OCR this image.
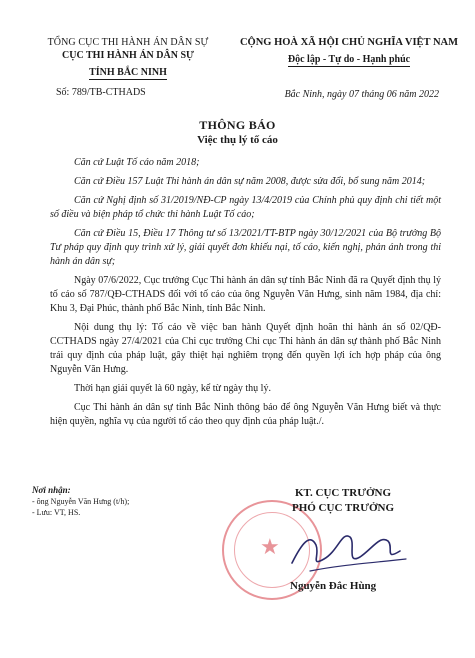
TỔNG CỤC THI HÀNH ÁN DÂN SỰ
CỤC THI HÀNH ÁN DÂN SỰ
TỈNH BẮC NINH
Số: 789/TB-CTHADS
CỘNG HOÀ XÃ HỘI CHỦ NGHĨA VIỆT NAM
Độc lập - Tự do - Hạnh phúc
Bắc Ninh, ngày 07 tháng 06 năm 2022
THÔNG BÁO
Việc thụ lý tố cáo

Căn cứ Luật Tố cáo năm 2018;

Căn cứ Điều 157 Luật Thi hành án dân sự năm 2008, được sửa đổi, bổ sung năm 2014;

Căn cứ Nghị định số 31/2019/NĐ-CP ngày 13/4/2019 của Chính phủ quy định chi tiết một số điều và biện pháp tổ chức thi hành Luật Tố cáo;

Căn cứ Điều 15, Điều 17 Thông tư số 13/2021/TT-BTP ngày 30/12/2021 của Bộ trưởng Bộ Tư pháp quy định quy trình xử lý, giải quyết đơn khiếu nại, tố cáo, kiến nghị, phản ánh trong thi hành án dân sự;

Ngày 07/6/2022, Cục trưởng Cục Thi hành án dân sự tỉnh Bắc Ninh đã ra Quyết định thụ lý tố cáo số 787/QĐ-CTHADS đối với tố cáo của ông Nguyễn Văn Hưng, sinh năm 1984, địa chỉ: Khu 3, Đại Phúc, thành phố Bắc Ninh, tỉnh Bắc Ninh.

Nội dung thụ lý: Tố cáo về việc ban hành Quyết định hoãn thi hành án số 02/QĐ-CCTHADS ngày 27/4/2021 của Chi cục trưởng Chi cục Thi hành án dân sự thành phố Bắc Ninh trái quy định của pháp luật, gây thiệt hại nghiêm trọng đến quyền lợi ích hợp pháp của ông Nguyễn Văn Hưng.

Thời hạn giải quyết là 60 ngày, kể từ ngày thụ lý.

Cục Thi hành án dân sự tỉnh Bắc Ninh thông báo để ông Nguyễn Văn Hưng biết và thực hiện quyền, nghĩa vụ của người tố cáo theo quy định của pháp luật./.

Nơi nhận:
- ông Nguyễn Văn Hưng (t/h);
- Lưu: VT, HS.
★
KT. CỤC TRƯỞNG
PHÓ CỤC TRƯỞNG
Nguyễn Đắc Hùng
